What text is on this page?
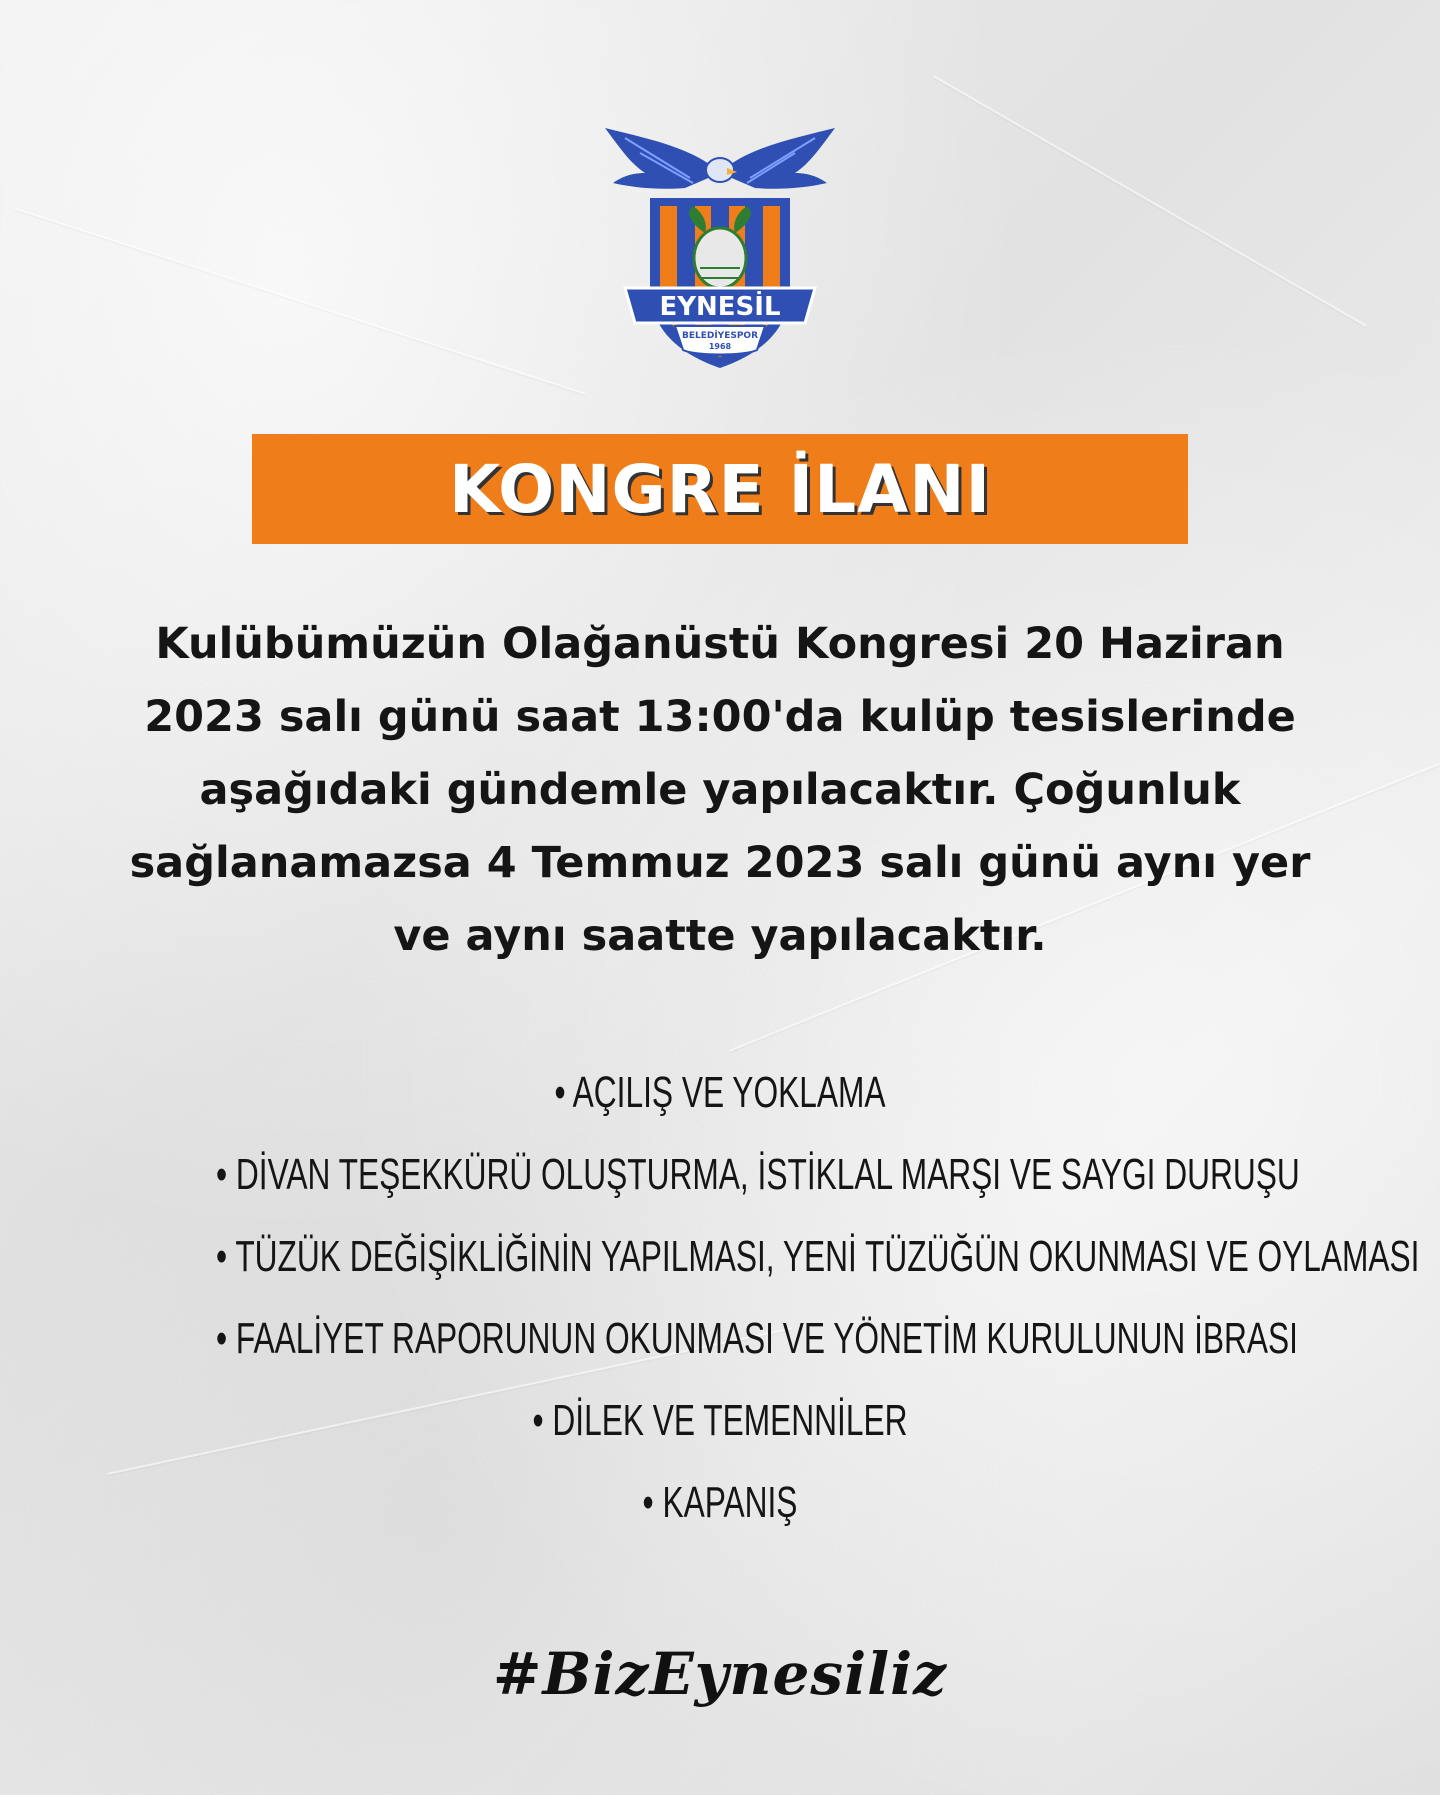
EYNESİL
BELEDİYESPOR
1968
KONGRE İLANI

Kulübümüzün Olağanüstü Kongresi 20 Haziran
2023 salı günü saat 13:00'da kulüp tesislerinde
aşağıdaki gündemle yapılacaktır. Çoğunluk
sağlanamazsa 4 Temmuz 2023 salı günü aynı yer
ve aynı saatte yapılacaktır.

• AÇILIŞ VE YOKLAMA
• DİVAN TEŞEKKÜRÜ OLUŞTURMA, İSTİKLAL MARŞI VE SAYGI DURUŞU
• TÜZÜK DEĞİŞİKLİĞİNİN YAPILMASI, YENİ TÜZÜĞÜN OKUNMASI VE OYLAMASI
• FAALİYET RAPORUNUN OKUNMASI VE YÖNETİM KURULUNUN İBRASI
• DİLEK VE TEMENNİLER
• KAPANIŞ
#BizEynesiliz
